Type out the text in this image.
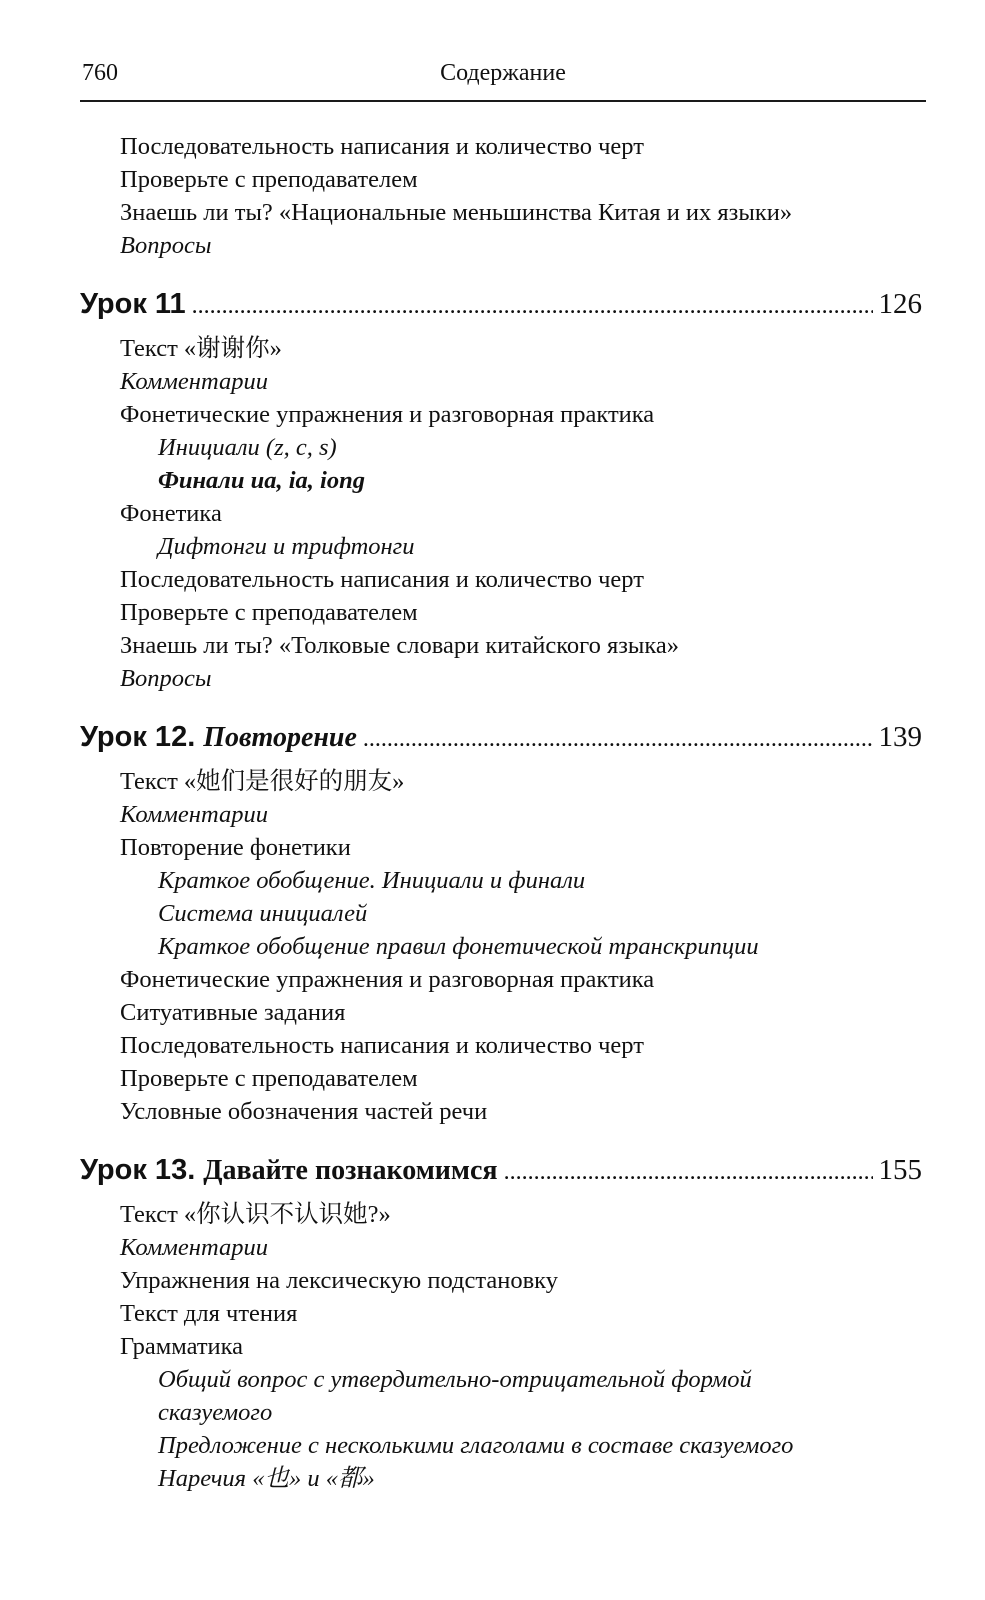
760	Содержание
Последовательность написания и количество черт
Проверьте с преподавателем
Знаешь ли ты? «Национальные меньшинства Китая и их языки»
Вопросы
Урок 11 . . .	126
Текст «谢谢你»
Комментарии
Фонетические упражнения и разговорная практика
Инициали (z, c, s)
Финали ua, ia, iong
Фонетика
Дифтонги и трифтонги
Последовательность написания и количество черт
Проверьте с преподавателем
Знаешь ли ты? «Толковые словари китайского языка»
Вопросы
Урок 12. Повторение . . .	139
Текст «她们是很好的朋友»
Комментарии
Повторение фонетики
Краткое обобщение. Инициали и финали
Система инициалей
Краткое обобщение правил фонетической транскрипции
Фонетические упражнения и разговорная практика
Ситуативные задания
Последовательность написания и количество черт
Проверьте с преподавателем
Условные обозначения частей речи
Урок 13. Давайте познакомимся . . .	155
Текст «你认识不认识她?»
Комментарии
Упражнения на лексическую подстановку
Текст для чтения
Грамматика
Общий вопрос с утвердительно-отрицательной формой
сказуемого
Предложение с несколькими глаголами в составе сказуемого
Наречия «也» и «都»
